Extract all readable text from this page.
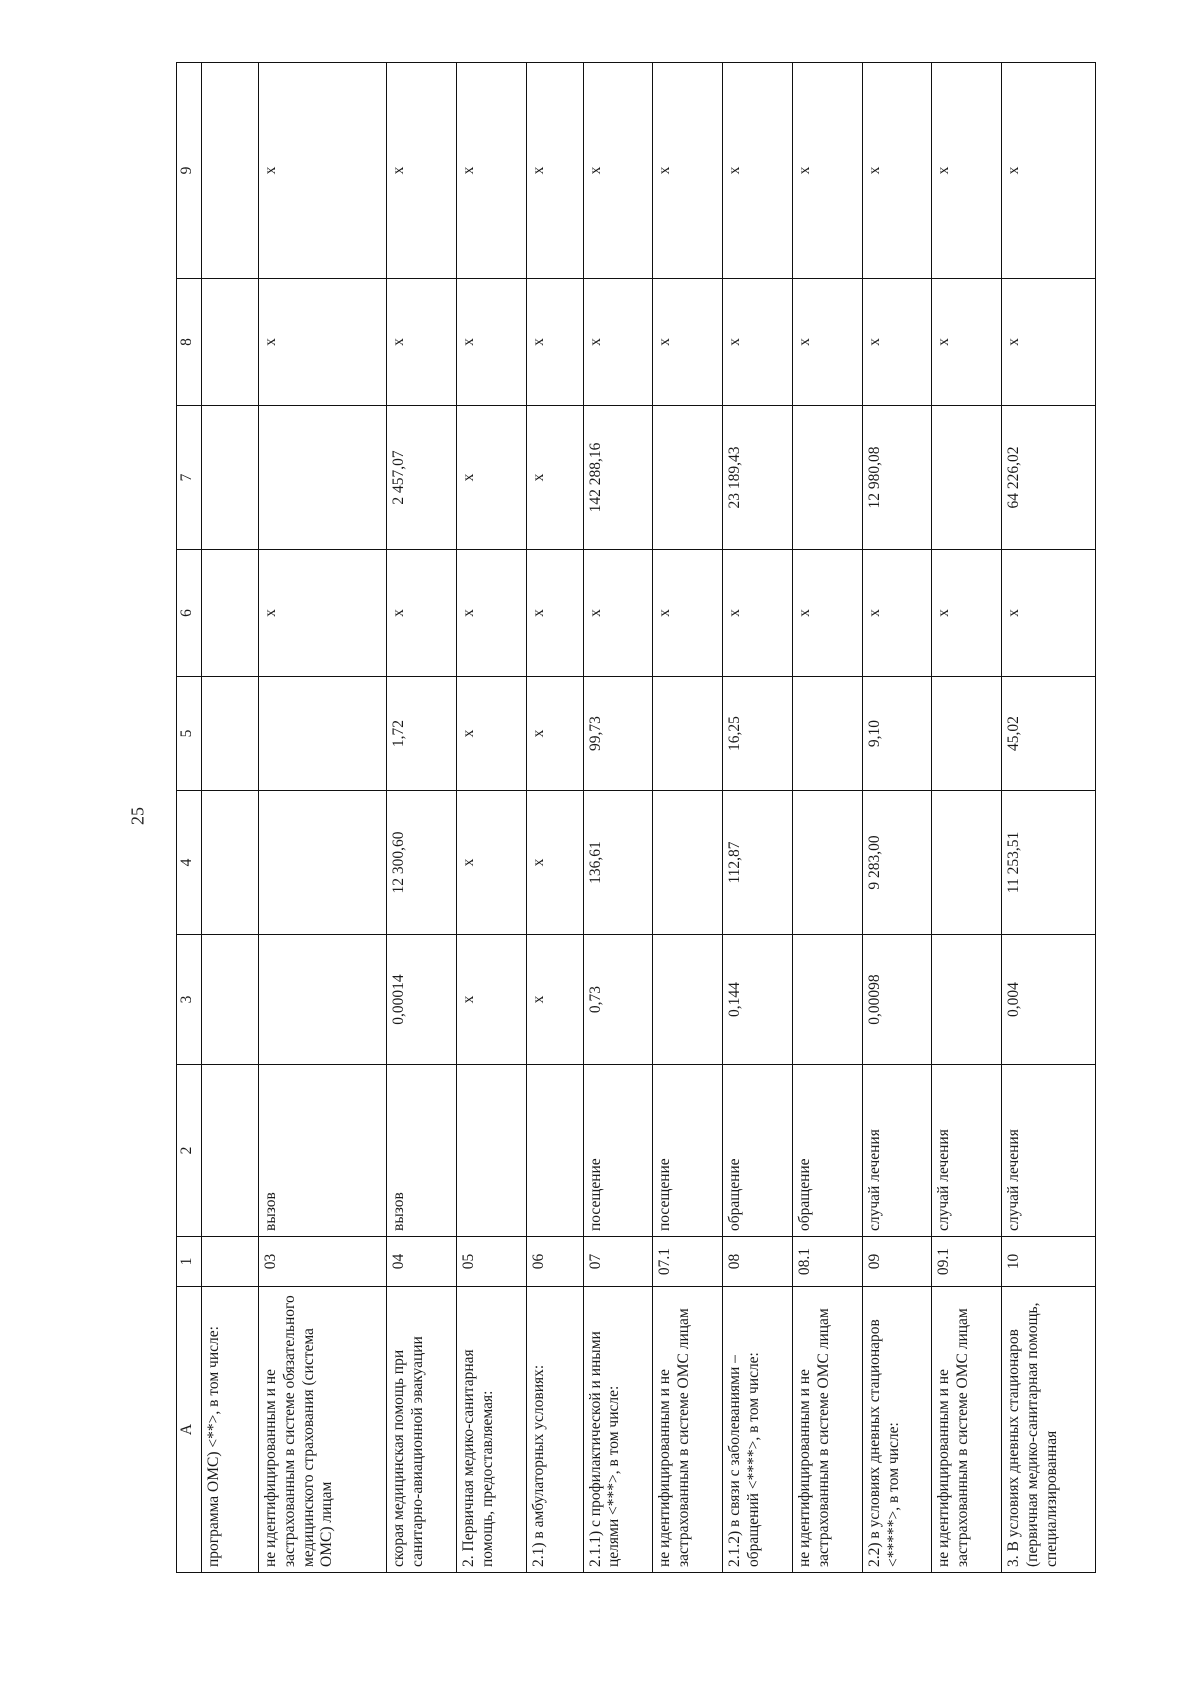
25
А	1	2	3	4	5	6	7	8	9
программа ОМС) <**>, в том числе:									
не идентифицированным и не застрахованным в системе обязательного медицинского страхования (система ОМС) лицам	03	вызов				x		x	x
скорая медицинская помощь при санитарно-авиационной эвакуации	04	вызов	0,00014	12 300,60	1,72	x	2 457,07	x	x
2. Первичная медико-санитарная помощь, предоставляемая:	05		x	x	x	x	x	x	x
2.1) в амбулаторных условиях:	06		x	x	x	x	x	x	x
2.1.1) с профилактической и иными целями <***>, в том числе:	07	посещение	0,73	136,61	99,73	x	142 288,16	x	x
не идентифицированным и не застрахованным в системе ОМС лицам	07.1	посещение				x		x	x
2.1.2) в связи с заболеваниями – обращений <****>, в том числе:	08	обращение	0,144	112,87	16,25	x	23 189,43	x	x
не идентифицированным и не застрахованным в системе ОМС лицам	08.1	обращение				x		x	x
2.2) в условиях дневных стационаров <*****>, в том числе:	09	случай лечения	0,00098	9 283,00	9,10	x	12 980,08	x	x
не идентифицированным и не застрахованным в системе ОМС лицам	09.1	случай лечения				x		x	x
3. В условиях дневных стационаров (первичная медико-санитарная помощь, специализированная	10	случай лечения	0,004	11 253,51	45,02	x	64 226,02	x	x
